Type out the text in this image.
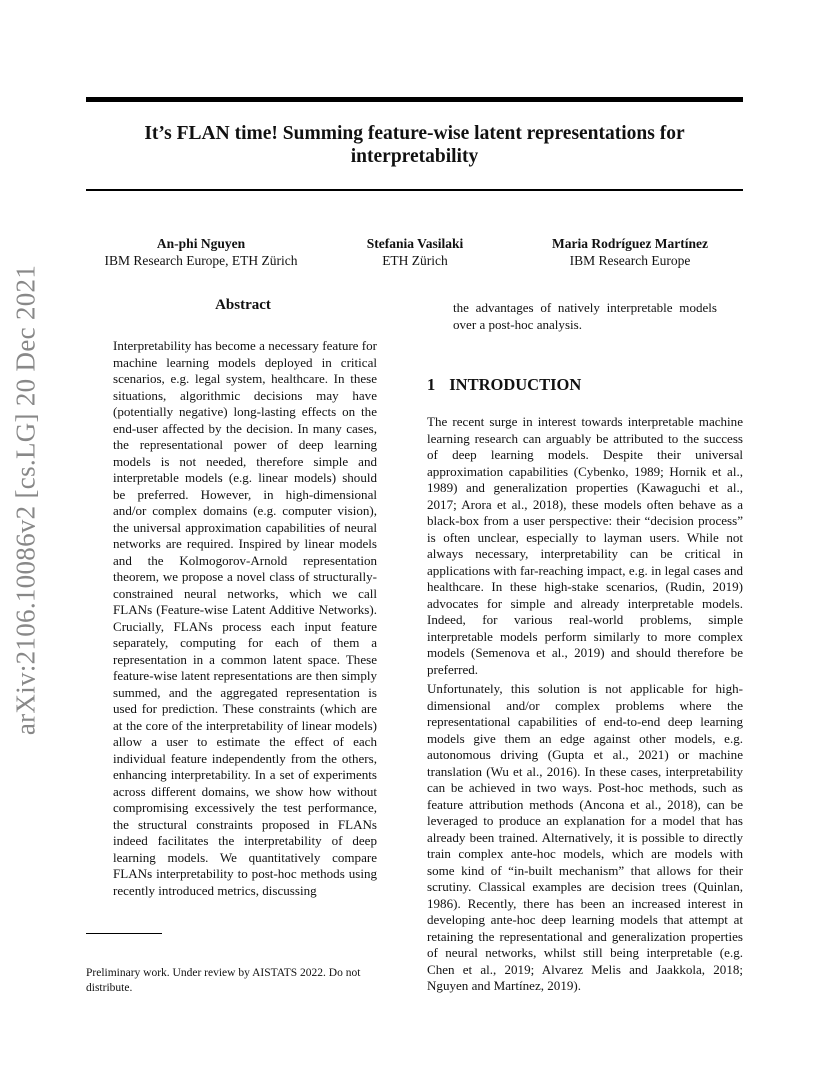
It’s FLAN time! Summing feature-wise latent representations for interpretability
An-phi Nguyen
IBM Research Europe, ETH Zürich
Stefania Vasilaki
ETH Zürich
Maria Rodríguez Martínez
IBM Research Europe
arXiv:2106.10086v2 [cs.LG] 20 Dec 2021	Abstract
Interpretability has become a necessary feature for machine learning models deployed in critical scenarios, e.g. legal system, healthcare. In these situations, algorithmic decisions may have (potentially negative) long-lasting effects on the end-user affected by the decision. In many cases, the representational power of deep learning models is not needed, therefore simple and interpretable models (e.g. linear models) should be preferred. However, in high-dimensional and/or complex domains (e.g. computer vision), the universal approximation capabilities of neural networks are required. Inspired by linear models and the Kolmogorov-Arnold representation theorem, we propose a novel class of structurally-constrained neural networks, which we call FLANs (Feature-wise Latent Additive Networks). Crucially, FLANs process each input feature separately, computing for each of them a representation in a common latent space. These feature-wise latent representations are then simply summed, and the aggregated representation is used for prediction. These constraints (which are at the core of the interpretability of linear models) allow a user to estimate the effect of each individual feature independently from the others, enhancing interpretability. In a set of experiments across different domains, we show how without compromising excessively the test performance, the structural constraints proposed in FLANs indeed facilitates the interpretability of deep learning models. We quantitatively compare FLANs interpretability to post-hoc methods using recently introduced metrics, discussing
the advantages of natively interpretable models over a post-hoc analysis.
1 INTRODUCTION
The recent surge in interest towards interpretable machine learning research can arguably be attributed to the success of deep learning models. Despite their universal approximation capabilities (Cybenko, 1989; Hornik et al., 1989) and generalization properties (Kawaguchi et al., 2017; Arora et al., 2018), these models often behave as a black-box from a user perspective: their “decision process” is often unclear, especially to layman users. While not always necessary, interpretability can be critical in applications with far-reaching impact, e.g. in legal cases and healthcare. In these high-stake scenarios, (Rudin, 2019) advocates for simple and already interpretable models. Indeed, for various real-world problems, simple interpretable models perform similarly to more complex models (Semenova et al., 2019) and should therefore be preferred.
Unfortunately, this solution is not applicable for high-dimensional and/or complex problems where the representational capabilities of end-to-end deep learning models give them an edge against other models, e.g. autonomous driving (Gupta et al., 2021) or machine translation (Wu et al., 2016). In these cases, interpretability can be achieved in two ways. Post-hoc methods, such as feature attribution methods (Ancona et al., 2018), can be leveraged to produce an explanation for a model that has already been trained. Alternatively, it is possible to directly train complex ante-hoc models, which are models with some kind of “in-built mechanism” that allows for their scrutiny. Classical examples are decision trees (Quinlan, 1986). Recently, there has been an increased interest in developing ante-hoc deep learning models that attempt at retaining the representational and generalization properties of neural networks, whilst still being interpretable (e.g. Chen et al., 2019; Alvarez Melis and Jaakkola, 2018; Nguyen and Martínez, 2019).
Preliminary work. Under review by AISTATS 2022. Do not distribute.
